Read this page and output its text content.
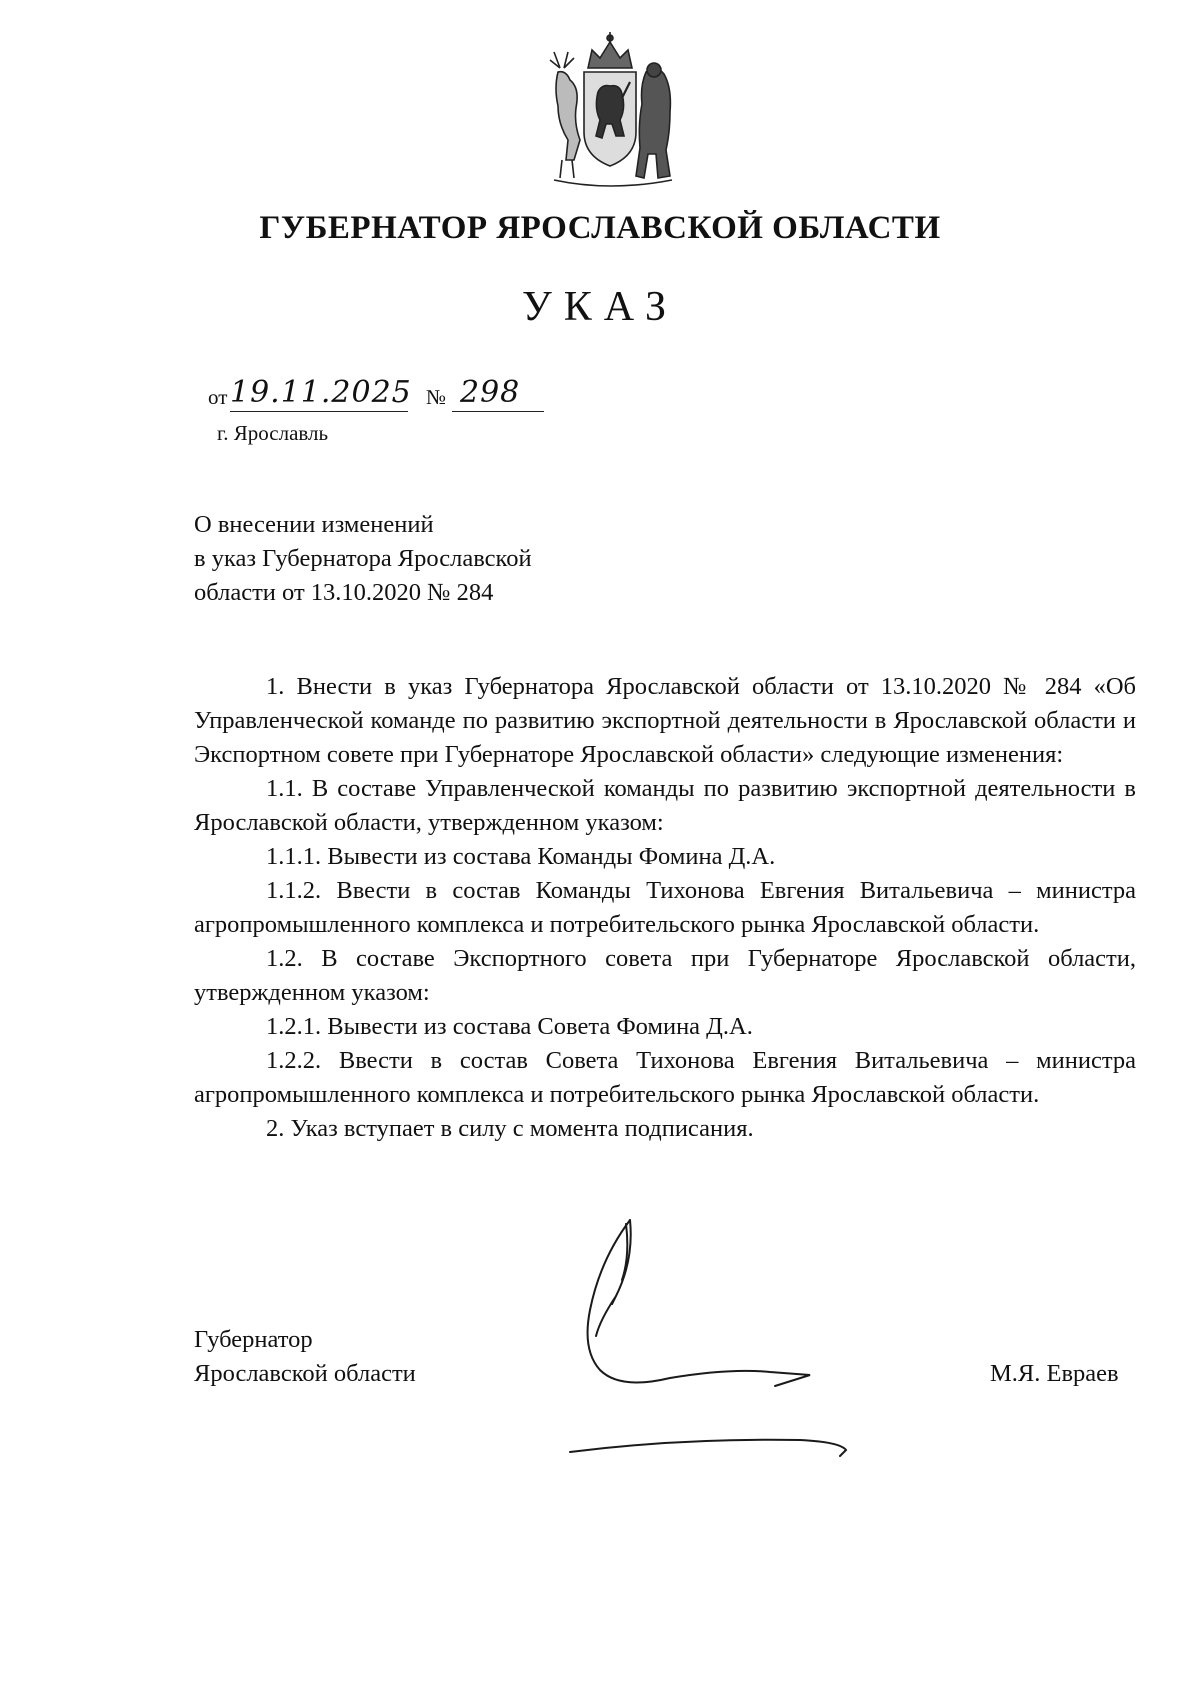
ГУБЕРНАТОР ЯРОСЛАВСКОЙ ОБЛАСТИ
УКАЗ
от 19.11.2025 № 298
г. Ярославль
О внесении изменений
в указ Губернатора Ярославской
области от 13.10.2020 № 284

1. Внести в указ Губернатора Ярославской области от 13.10.2020 № 284 «Об Управленческой команде по развитию экспортной деятельности в Ярославской области и Экспортном совете при Губернаторе Ярославской области» следующие изменения:

1.1. В составе Управленческой команды по развитию экспортной деятельности в Ярославской области, утвержденном указом:

1.1.1. Вывести из состава Команды Фомина Д.А.

1.1.2. Ввести в состав Команды Тихонова Евгения Витальевича – министра агропромышленного комплекса и потребительского рынка Ярославской области.

1.2. В составе Экспортного совета при Губернаторе Ярославской области, утвержденном указом:

1.2.1. Вывести из состава Совета Фомина Д.А.

1.2.2. Ввести в состав Совета Тихонова Евгения Витальевича – министра агропромышленного комплекса и потребительского рынка Ярославской области.

2. Указ вступает в силу с момента подписания.

Губернатор
Ярославской области	М.Я. Евраев
